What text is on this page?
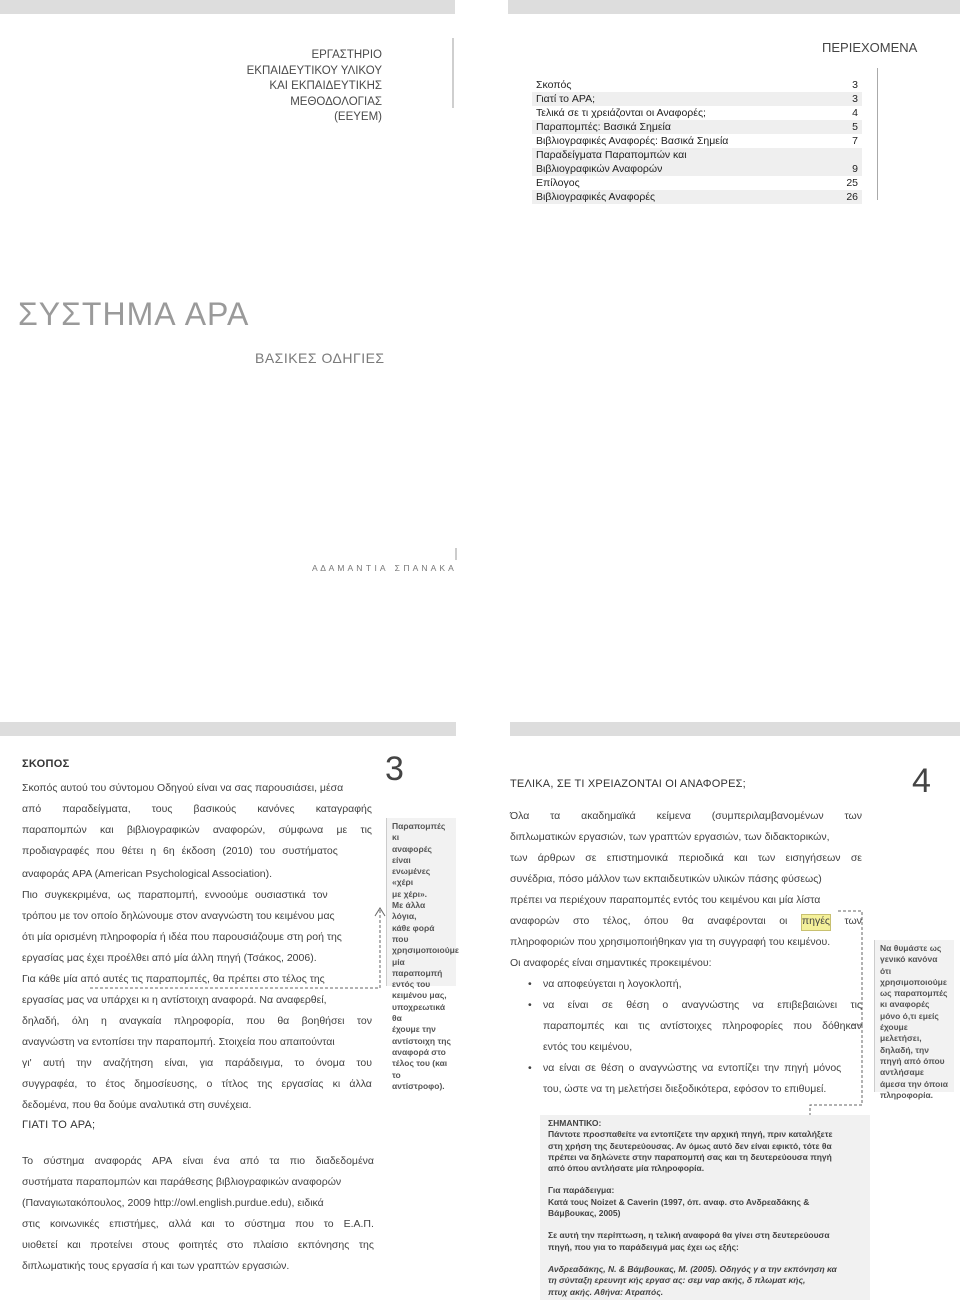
ΕΡΓΑΣΤΗΡΙΟ
ΕΚΠΑΙΔΕΥΤΙΚΟΥ ΥΛΙΚΟΥ
ΚΑΙ ΕΚΠΑΙΔΕΥΤΙΚΗΣ
ΜΕΘΟΔΟΛΟΓΙΑΣ
(ΕΕΥΕΜ)
ΠΕΡΙΕΧΟΜΕΝΑ
Σκοπός	3
Γιατί το APA;	3
Τελικά σε τι χρειάζονται οι Αναφορές;	4
Παραπομπές: Βασικά Σημεία	5
Βιβλιογραφικές Αναφορές: Βασικά Σημεία	7
Παραδείγματα Παραπομπών και
Βιβλιογραφικών Αναφορών	9
Επίλογος	25
Βιβλιογραφικές Αναφορές	26
ΣΥΣΤΗΜΑ APA
ΒΑΣΙΚΕΣ ΟΔΗΓΙΕΣ
Α Δ Α Μ Α Ν Τ Ι Α   Σ Π Α Ν Α Κ Α
3
ΣΚΟΠΟΣ
Σκοπός αυτού του σύντομου Οδηγού είναι να σας παρουσιάσει, μέσα
από παραδείγματα, τους βασικούς κανόνες καταγραφής
παραπομπών και βιβλιογραφικών αναφορών, σύμφωνα με τις
προδιαγραφές που θέτει η 6η έκδοση (2010) του συστήματος
αναφοράς APA (American Psychological Association).
Πιο συγκεκριμένα, ως παραπομπή, εννοούμε ουσιαστικά τον
τρόπου με τον οποίο δηλώνουμε στον αναγνώστη του κειμένου μας
ότι μία ορισμένη πληροφορία ή ιδέα που παρουσιάζουμε στη ροή της
εργασίας μας έχει προέλθει από μία άλλη πηγή (Τσάκος, 2006).
Για κάθε μία από αυτές τις παραπομπές, θα πρέπει στο τέλος της
εργασίας μας να υπάρχει κι η αντίστοιχη αναφορά. Να αναφερθεί,
δηλαδή, όλη η αναγκαία πληροφορία, που θα βοηθήσει τον
αναγνώστη να εντοπίσει την παραπομπή. Στοιχεία που απαιτούνται
γι' αυτή την αναζήτηση είναι, για παράδειγμα, το όνομα του
συγγραφέα, το έτος δημοσίευσης, ο τίτλος της εργασίας κι άλλα
δεδομένα, που θα δούμε αναλυτικά στη συνέχεια.
Παραπομπές κι
αναφορές είναι
ενωμένες «χέρι
με χέρι».
Με άλλα λόγια,
κάθε φορά που
χρησιμοποιούμε
μία παραπομπή
εντός του
κειμένου μας,
υποχρεωτικά θα
έχουμε την
αντίστοιχη της
αναφορά στο
τέλος του (και το
αντίστροφο).
ΓΙΑΤΙ ΤΟ APA;
Το σύστημα αναφοράς APA είναι ένα από τα πιο διαδεδομένα
συστήματα παραπομπών και παράθεσης βιβλιογραφικών αναφορών
(Παναγιωτακόπουλος, 2009 http://owl.english.purdue.edu), ειδικά
στις κοινωνικές επιστήμες, αλλά και το σύστημα που το Ε.Α.Π.
υιοθετεί και προτείνει στους φοιτητές στο πλαίσιο εκπόνησης της
διπλωματικής τους εργασία ή και των γραπτών εργασιών.
4
ΤΕΛΙΚΑ, ΣΕ ΤΙ ΧΡΕΙΑΖΟΝΤΑΙ ΟΙ ΑΝΑΦΟΡΕΣ;
Όλα τα ακαδημαϊκά κείμενα (συμπεριλαμβανομένων των
διπλωματικών εργασιών, των γραπτών εργασιών, των διδακτορικών,
των άρθρων σε επιστημονικά περιοδικά και των εισηγήσεων σε
συνέδρια, πόσο μάλλον των εκπαιδευτικών υλικών πάσης φύσεως)
πρέπει να περιέχουν παραπομπές εντός του κειμένου και μία λίστα
αναφορών στο τέλος, όπου θα αναφέρονται οι πηγές των
πληροφοριών που χρησιμοποιήθηκαν για τη συγγραφή του κειμένου.
Οι αναφορές είναι σημαντικές προκειμένου:
• να αποφεύγεται η λογοκλοπή,
• να είναι σε θέση ο αναγνώστης να επιβεβαιώνει τις
παραπομπές και τις αντίστοιχες πληροφορίες που δόθηκαν
εντός του κειμένου,
• να είναι σε θέση ο αναγνώστης να εντοπίζει την πηγή μόνος
του, ώστε να τη μελετήσει διεξοδικότερα, εφόσον το επιθυμεί.
Να θυμάστε ως
γενικό κανόνα
ότι
χρησιμοποιούμε
ως παραπομπές
κι αναφορές
μόνο ό,τι εμείς
έχουμε
μελετήσει,
δηλαδή, την
πηγή από όπου
αντλήσαμε
άμεσα την όποια
πληροφορία.
ΣΗΜΑΝΤΙΚΟ:
Πάντοτε προσπαθείτε να εντοπίζετε την αρχική πηγή, πριν καταλήξετε
στη χρήση της δευτερεύουσας. Αν όμως αυτό δεν είναι εφικτό, τότε θα
πρέπει να δηλώνετε στην παραπομπή σας και τη δευτερεύουσα πηγή
από όπου αντλήσατε μία πληροφορία.
Για παράδειγμα:
Κατά τους Noizet & Caverin (1997, όπ. αναφ. στο Ανδρεαδάκης &
Βάμβουκας, 2005)
Σε αυτή την περίπτωση, η τελική αναφορά θα γίνει στη δευτερεύουσα
πηγή, που για το παράδειγμά μας έχει ως εξής:
Ανδρεαδάκης, Ν. & Βάμβουκας, Μ. (2005). Οδηγός γ α την εκπόνηση κα
τη σύνταξη ερευνητ κής εργασ ας: σεμ ναρ ακής, δ πλωματ κής,
πτυχ ακής. Αθήνα: Ατραπός.
